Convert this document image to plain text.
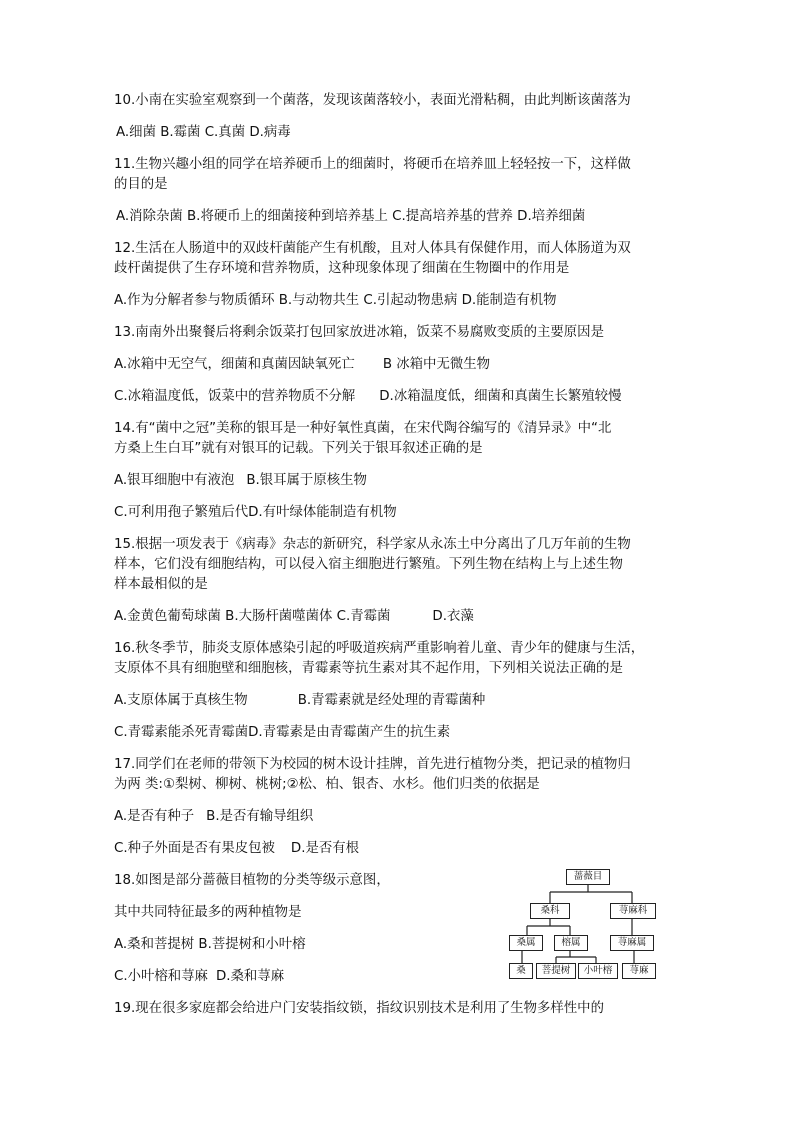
10.小南在实验室观察到一个菌落，发现该菌落较小，表面光滑粘稠，由此判断该菌落为
A.细菌 B.霉菌 C.真菌 D.病毒
11.生物兴趣小组的同学在培养硬币上的细菌时，将硬币在培养皿上轻轻按一下，这样做
的目的是
A.消除杂菌 B.将硬币上的细菌接种到培养基上 C.提高培养基的营养 D.培养细菌
12.生活在人肠道中的双歧杆菌能产生有机酸，且对人体具有保健作用，而人体肠道为双
歧杆菌提供了生存环境和营养物质，这种现象体现了细菌在生物圈中的作用是
A.作为分解者参与物质循环 B.与动物共生 C.引起动物患病 D.能制造有机物
13.南南外出聚餐后将剩余饭菜打包回家放进冰箱，饭菜不易腐败变质的主要原因是
A.冰箱中无空气，细菌和真菌因缺氧死亡 B 冰箱中无微生物
C.冰箱温度低，饭菜中的营养物质不分解 D.冰箱温度低，细菌和真菌生长繁殖较慢
14.有“菌中之冠”美称的银耳是一种好氧性真菌，在宋代陶谷编写的《清异录》中“北
方桑上生白耳”就有对银耳的记载。下列关于银耳叙述正确的是
A.银耳细胞中有液泡 B.银耳属于原核生物
C.可利用孢子繁殖后代D.有叶绿体能制造有机物
15.根据一项发表于《病毒》杂志的新研究，科学家从永冻土中分离出了几万年前的生物
样本，它们没有细胞结构，可以侵入宿主细胞进行繁殖。下列生物在结构上与上述生物
样本最相似的是
A.金黄色葡萄球菌 B.大肠杆菌噬菌体 C.青霉菌	D.衣藻
16.秋冬季节，肺炎支原体感染引起的呼吸道疾病严重影响着儿童、青少年的健康与生活，
支原体不具有细胞壁和细胞核，青霉素等抗生素对其不起作用，下列相关说法正确的是
A.支原体属于真核生物	B.青霉素就是经处理的青霉菌种
C.青霉素能杀死青霉菌D.青霉素是由青霉菌产生的抗生素
17.同学们在老师的带领下为校园的树木设计挂牌，首先进行植物分类，把记录的植物归
为两 类:①梨树、柳树、桃树;②松、柏、银杏、水杉。他们归类的依据是
A.是否有种子 B.是否有输导组织
C.种子外面是否有果皮包被 D.是否有根
18.如图是部分蔷薇目植物的分类等级示意图，
其中共同特征最多的两种植物是
A.桑和菩提树 B.菩提树和小叶榕
C.小叶榕和荨麻 D.桑和荨麻
蔷薇目
桑科	荨麻科
桑属	榕属	荨麻属
桑	菩提树	小叶榕	荨麻
19.现在很多家庭都会给进户门安装指纹锁，指纹识别技术是利用了生物多样性中的
